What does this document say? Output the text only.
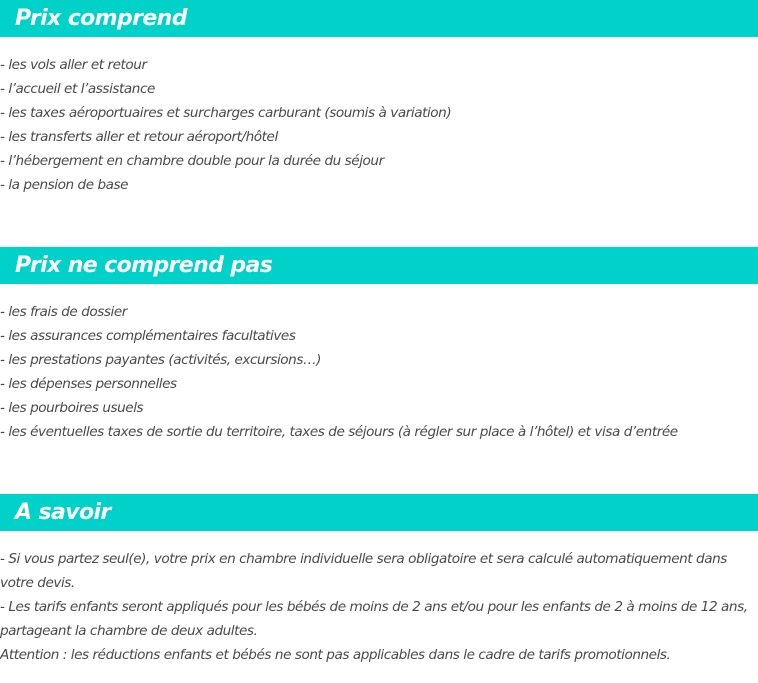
Prix comprend
- les vols aller et retour
- l’accueil et l’assistance
- les taxes aéroportuaires et surcharges carburant (soumis à variation)
- les transferts aller et retour aéroport/hôtel
- l’hébergement en chambre double pour la durée du séjour
- la pension de base
Prix ne comprend pas
- les frais de dossier
- les assurances complémentaires facultatives
- les prestations payantes (activités, excursions…)
- les dépenses personnelles
- les pourboires usuels
- les éventuelles taxes de sortie du territoire, taxes de séjours (à régler sur place à l’hôtel) et visa d’entrée
A savoir
- Si vous partez seul(e), votre prix en chambre individuelle sera obligatoire et sera calculé automatiquement dans votre devis.
- Les tarifs enfants seront appliqués pour les bébés de moins de 2 ans et/ou pour les enfants de 2 à moins de 12 ans, partageant la chambre de deux adultes.
Attention : les réductions enfants et bébés ne sont pas applicables dans le cadre de tarifs promotionnels.
